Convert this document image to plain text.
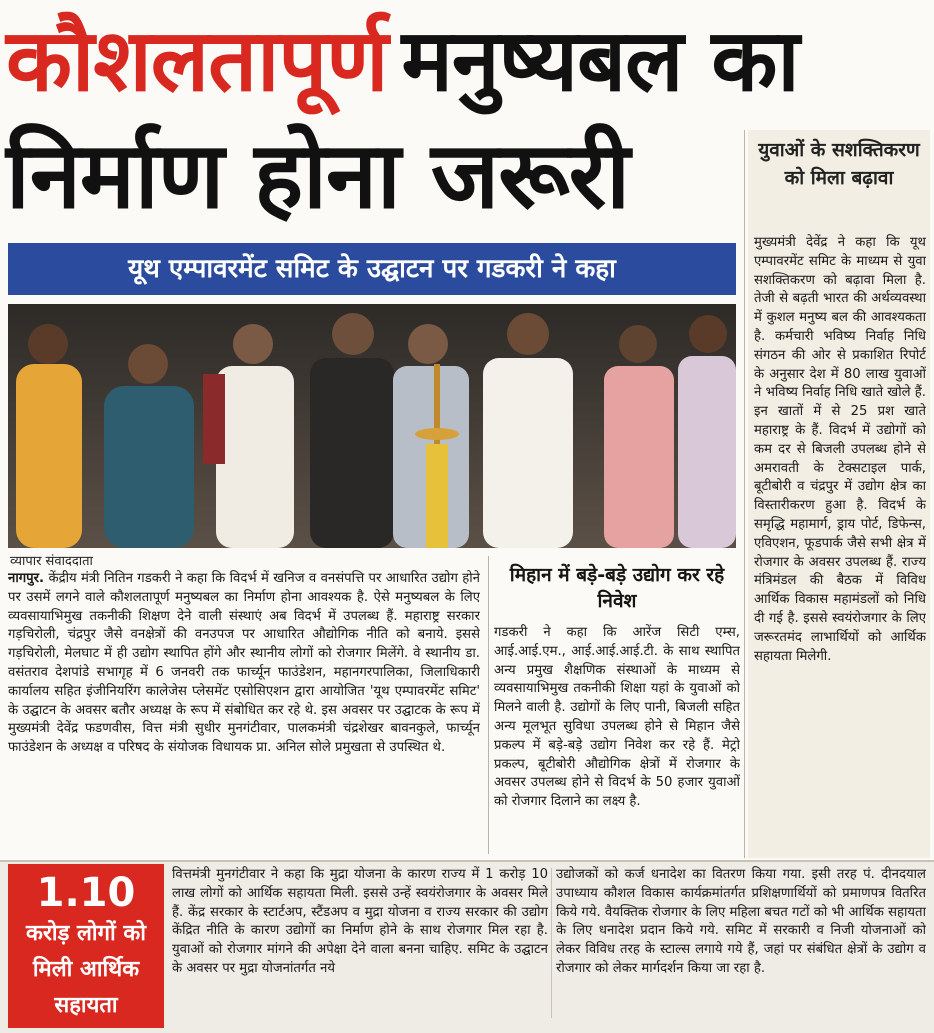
कौशलतापूर्ण मनुष्यबल का
निर्माण होना जरूरी
यूथ एम्पावरमेंट समिट के उद्घाटन पर गडकरी ने कहा
व्यापार संवाददाता
नागपुर. केंद्रीय मंत्री नितिन गडकरी ने कहा कि विदर्भ में खनिज व वनसंपत्ति पर आधारित उद्योग होने पर उसमें लगने वाले कौशलतापूर्ण मनुष्यबल का निर्माण होना आवश्यक है. ऐसे मनुष्यबल के लिए व्यवसायाभिमुख तकनीकी शिक्षण देने वाली संस्थाएं अब विदर्भ में उपलब्ध हैं. महाराष्ट्र सरकार गड़चिरोली, चंद्रपुर जैसे वनक्षेत्रों की वनउपज पर आधारित औद्योगिक नीति को बनाये. इससे गड़चिरोली, मेलघाट में ही उद्योग स्थापित होंगे और स्थानीय लोगों को रोजगार मिलेंगे. वे स्थानीय डा. वसंतराव देशपांडे सभागृह में 6 जनवरी तक फार्च्यून फाउंडेशन, महानगरपालिका, जिलाधिकारी कार्यालय सहित इंजीनियरिंग कालेजेस प्लेसमेंट एसोसिएशन द्वारा आयोजित 'यूथ एम्पावरमेंट समिट' के उद्घाटन के अवसर बतौर अध्यक्ष के रूप में संबोधित कर रहे थे. इस अवसर पर उद्घाटक के रूप में मुख्यमंत्री देवेंद्र फडणवीस, वित्त मंत्री सुधीर मुनगंटीवार, पालकमंत्री चंद्रशेखर बावनकुले, फार्च्यून फाउंडेशन के अध्यक्ष व परिषद के संयोजक विधायक प्रा. अनिल सोले प्रमुखता से उपस्थित थे.
मिहान में बड़े-बड़े उद्योग कर रहे निवेश
गडकरी ने कहा कि आरेंज सिटी एम्स, आई.आई.एम., आई.आई.आई.टी. के साथ स्थापित अन्य प्रमुख शैक्षणिक संस्थाओं के माध्यम से व्यवसायाभिमुख तकनीकी शिक्षा यहां के युवाओं को मिलने वाली है. उद्योगों के लिए पानी, बिजली सहित अन्य मूलभूत सुविधा उपलब्ध होने से मिहान जैसे प्रकल्प में बड़े-बड़े उद्योग निवेश कर रहे हैं. मेट्रो प्रकल्प, बूटीबोरी औद्योगिक क्षेत्रों में रोजगार के अवसर उपलब्ध होने से विदर्भ के 50 हजार युवाओं को रोजगार दिलाने का लक्ष्य है.
युवाओं के सशक्तिकरण को मिला बढ़ावा
मुख्यमंत्री देवेंद्र ने कहा कि यूथ एम्पावरमेंट समिट के माध्यम से युवा सशक्तिकरण को बढ़ावा मिला है. तेजी से बढ़ती भारत की अर्थव्यवस्था में कुशल मनुष्य बल की आवश्यकता है. कर्मचारी भविष्य निर्वाह निधि संगठन की ओर से प्रकाशित रिपोर्ट के अनुसार देश में 80 लाख युवाओं ने भविष्य निर्वाह निधि खाते खोले हैं. इन खातों में से 25 प्रश खाते महाराष्ट्र के हैं. विदर्भ में उद्योगों को कम दर से बिजली उपलब्ध होने से अमरावती के टेक्सटाइल पार्क, बूटीबोरी व चंद्रपुर में उद्योग क्षेत्र का विस्तारीकरण हुआ है. विदर्भ के समृद्धि महामार्ग, ड्राय पोर्ट, डिफेन्स, एविएशन, फूडपार्क जैसे सभी क्षेत्र में रोजगार के अवसर उपलब्ध हैं. राज्य मंत्रिमंडल की बैठक में विविध आर्थिक विकास महामंडलों को निधि दी गई है. इससे स्वयंरोजगार के लिए जरूरतमंद लाभार्थियों को आर्थिक सहायता मिलेगी.
1.10
करोड़ लोगों को मिली आर्थिक सहायता
वित्तमंत्री मुनगंटीवार ने कहा कि मुद्रा योजना के कारण राज्य में 1 करोड़ 10 लाख लोगों को आर्थिक सहायता मिली. इससे उन्हें स्वयंरोजगार के अवसर मिले हैं. केंद्र सरकार के स्टार्टअप, स्टैंडअप व मुद्रा योजना व राज्य सरकार की उद्योग केंद्रित नीति के कारण उद्योगों का निर्माण होने के साथ रोजगार मिल रहा है. युवाओं को रोजगार मांगने की अपेक्षा देने वाला बनना चाहिए. समिट के उद्घाटन के अवसर पर मुद्रा योजनांतर्गत नये
उद्योजकों को कर्ज धनादेश का वितरण किया गया. इसी तरह पं. दीनदयाल उपाध्याय कौशल विकास कार्यक्रमांतर्गत प्रशिक्षणार्थियों को प्रमाणपत्र वितरित किये गये. वैयक्तिक रोजगार के लिए महिला बचत गटों को भी आर्थिक सहायता के लिए धनादेश प्रदान किये गये. समिट में सरकारी व निजी योजनाओं को लेकर विविध तरह के स्टाल्स लगाये गये हैं, जहां पर संबंधित क्षेत्रों के उद्योग व रोजगार को लेकर मार्गदर्शन किया जा रहा है.
